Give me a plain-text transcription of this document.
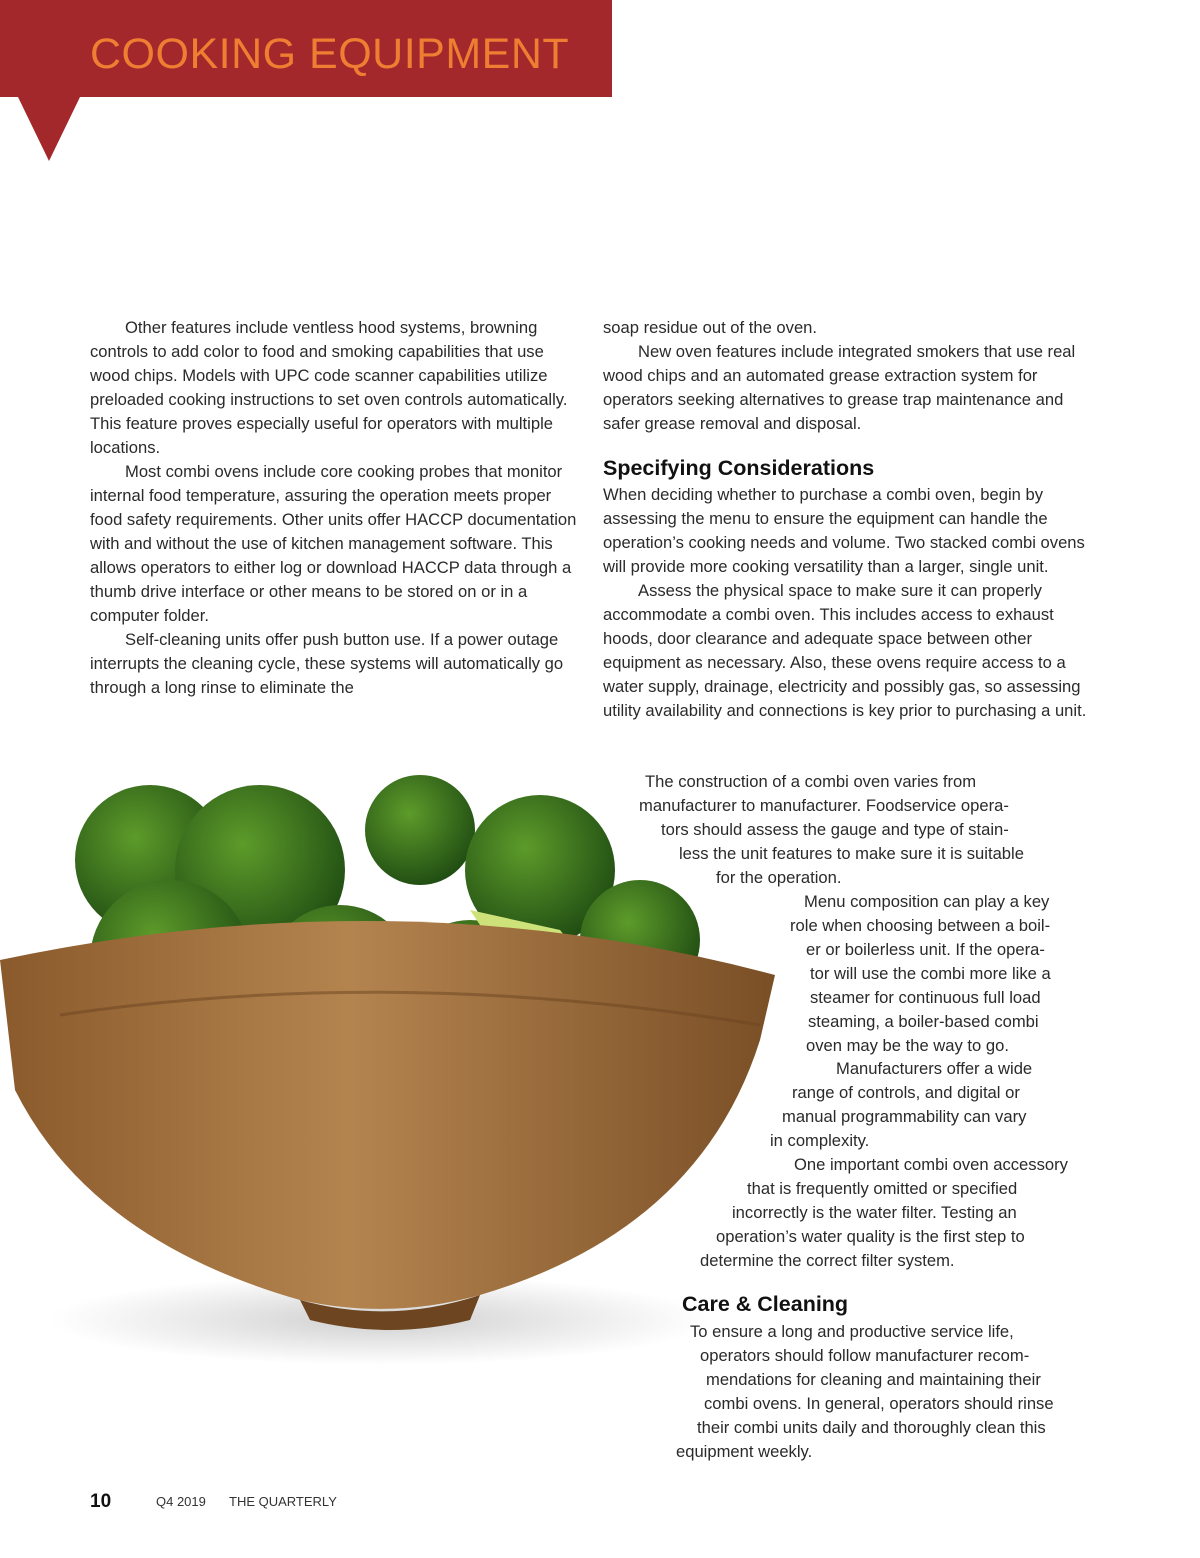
COOKING EQUIPMENT

Other features include ventless hood systems, browning controls to add color to food and smoking capabilities that use wood chips. Models with UPC code scanner capabilities utilize preloaded cooking instructions to set oven controls automatically. This feature proves especially useful for operators with multiple locations.

Most combi ovens include core cooking probes that monitor internal food temperature, assuring the operation meets proper food safety requirements. Other units offer HACCP documentation with and without the use of kitchen management software. This allows operators to either log or download HACCP data through a thumb drive interface or other means to be stored on or in a computer folder.

Self-cleaning units offer push button use. If a power outage interrupts the cleaning cycle, these systems will automatically go through a long rinse to eliminate the

soap residue out of the oven.

New oven features include integrated smokers that use real wood chips and an automated grease extraction system for operators seeking alternatives to grease trap maintenance and safer grease removal and disposal.

Specifying Considerations

When deciding whether to purchase a combi oven, begin by assessing the menu to ensure the equipment can handle the operation’s cooking needs and volume. Two stacked combi ovens will provide more cooking versatility than a larger, single unit.

Assess the physical space to make sure it can properly accommodate a combi oven. This includes access to exhaust hoods, door clearance and adequate space between other equipment as necessary. Also, these ovens require access to a water supply, drainage, electricity and possibly gas, so assessing utility availability and connections is key prior to purchasing a unit.

The construction of a combi oven varies from
manufacturer to manufacturer. Foodservice opera-
tors should assess the gauge and type of stain-
less the unit features to make sure it is suitable
for the operation.
Menu composition can play a key
role when choosing between a boil-
er or boilerless unit. If the opera-
tor will use the combi more like a
steamer for continuous full load
steaming, a boiler-based combi
oven may be the way to go.
Manufacturers offer a wide
range of controls, and digital or
manual programmability can vary
in complexity.
One important combi oven accessory
that is frequently omitted or specified
incorrectly is the water filter. Testing an
operation’s water quality is the first step to
determine the correct filter system.
Care & Cleaning
To ensure a long and productive service life,
operators should follow manufacturer recom-
mendations for cleaning and maintaining their
combi ovens. In general, operators should rinse
their combi units daily and thoroughly clean this
equipment weekly.
10	Q4 2019 THE QUARTERLY
